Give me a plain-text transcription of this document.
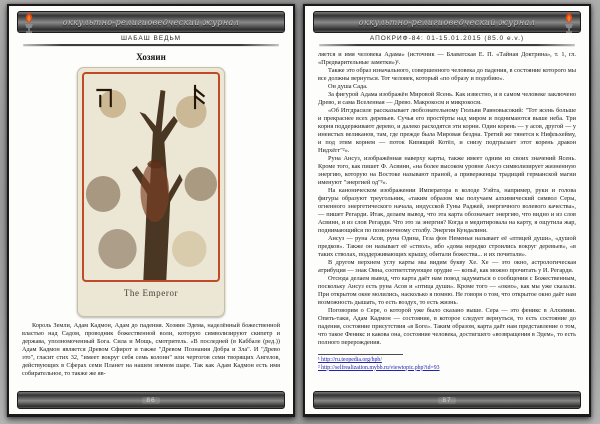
оккультно-религиоведческий журнал
ШАБАШ ВЕДЬМ
Хозяин
The Emperor

Король Земли, Адам Кадмон, Адам до падения. Хозяин Эдема, наделённый божественной властью над Садом, проводник божественной воли, которую символизируют скипетр и держава, уполномоченный Бога. Сила и Мощь, смотритель. «В последней (в Каббале (ред.)) Адам Кадмон является Древом Сфирот и также "Древом Познания Добра и Зла". И "Древо это", гласит стих 32, "имеет вокруг себя семь колонн" или чертогов семи творящих Ангелов, действующих в Сферах семи Планет на нашем земном шаре. Так как Адам Кадмон есть имя собирательное, то также же яв-

86
оккультно-религиоведческий журнал
АПОКРИФ-84: 01-15.01.2015 (85.0 e.v.)

ляется и имя человека Адама» (источник — Блаватская Е. П. «Тайная Доктрина», т. 1, гл. «Предварительные заметки»)¹.

Также это образ изначального, совершенного человека до падения, в состояние которого мы все должны вернуться. Тот человек, который «по образу и подобию».

Он душа Сада.

За фигурой Адама изображён Мировой Ясень. Как известно, и в самом человеке заключено Древо, и сама Вселенная — Древо. Макрокосм и микрокосм.

«Об Иггдрасиле рассказывает любознательному Гюльви Равновысокий: "Тот ясень больше и прекраснее всех деревьев. Сучья его простёрты над миром и поднимаются выше неба. Три корня поддерживают дерево, и далеко расходятся эти корни. Один корень — у асов, другой — у инеистых великанов, там, где прежде была Мировая бездна. Третий же тянется к Нифльхейму, и под этим корнем — поток Кипящий Котёл, и снизу подгрызает этот корень дракон Нидхёгг"²».

Руна Ансуз, изображённая наверху карты, также имеет одним из своих значений Ясень. Кроме того, как пишет Ф. Асвинн, «на более высоком уровне Ансуз символизирует жизненную энергию, которую на Востоке называют праной, а приверженцы традиций германской магии именуют "энергией од"³».

На каноническом изображении Императора в колоде Уэйта, например, руки и голова фигуры образуют треугольник, «таким образом мы получаем алхимический символ Серы, огненного энергетического начала, индусской Гуны Раджей, энергичного волевого качества», — пишет Регарди. Итак, делаем вывод, что эта карта обозначает энергию, что видно и из слов Асвинн, и из слов Регарди. Что это за энергия? Когда я медитировала на карту, я ощутила жар, поднимающийся по позвоночному столбу. Энергия Кундалини.

Ансуз — руна Асов, руна Одина, Геза фон Неменьи называет её «птицей души», «душой предков». Также он называет её «ствол», ибо «дома нередко строились вокруг деревьев», «в таких стволах, поддерживающих крышу, обитали божества... и их почитали».

В другом верхнем углу карты мы видим букву Хе. Хе — это окно, астрологическая атрибуция — знак Овна, соответствующее орудие — копьё, как можно прочитать у И. Регарди.

Отсюда делаем вывод, что карта даёт нам повод задуматься о сообщении с Божественным, поскольку Ансуз есть руна Асов и «птица души». Кроме того — «окно», как мы уже сказали. При открытом окне молились, насколько я помню. Не говоря о том, что открытое окно даёт нам возможность дышать, то есть воздух, то есть жизнь.

Поговорим о Сере, о которой уже было сказано выше. Сера — это феникс в Алхимии. Опять-таки, Адам Кадмон — состояние, в которое следует вернуться, то есть состояние до падения, состояние присутствия «в Боге». Таким образом, карта даёт нам представление о том, что такое Феникс и какова она, состояние человека, достигшего «возвращения в Эдем», то есть полного перерождения.

¹ http://ru.teopedia.org/hpb/
² http://selfrealization.mybb.ru/viewtopic.php?id=93
87
